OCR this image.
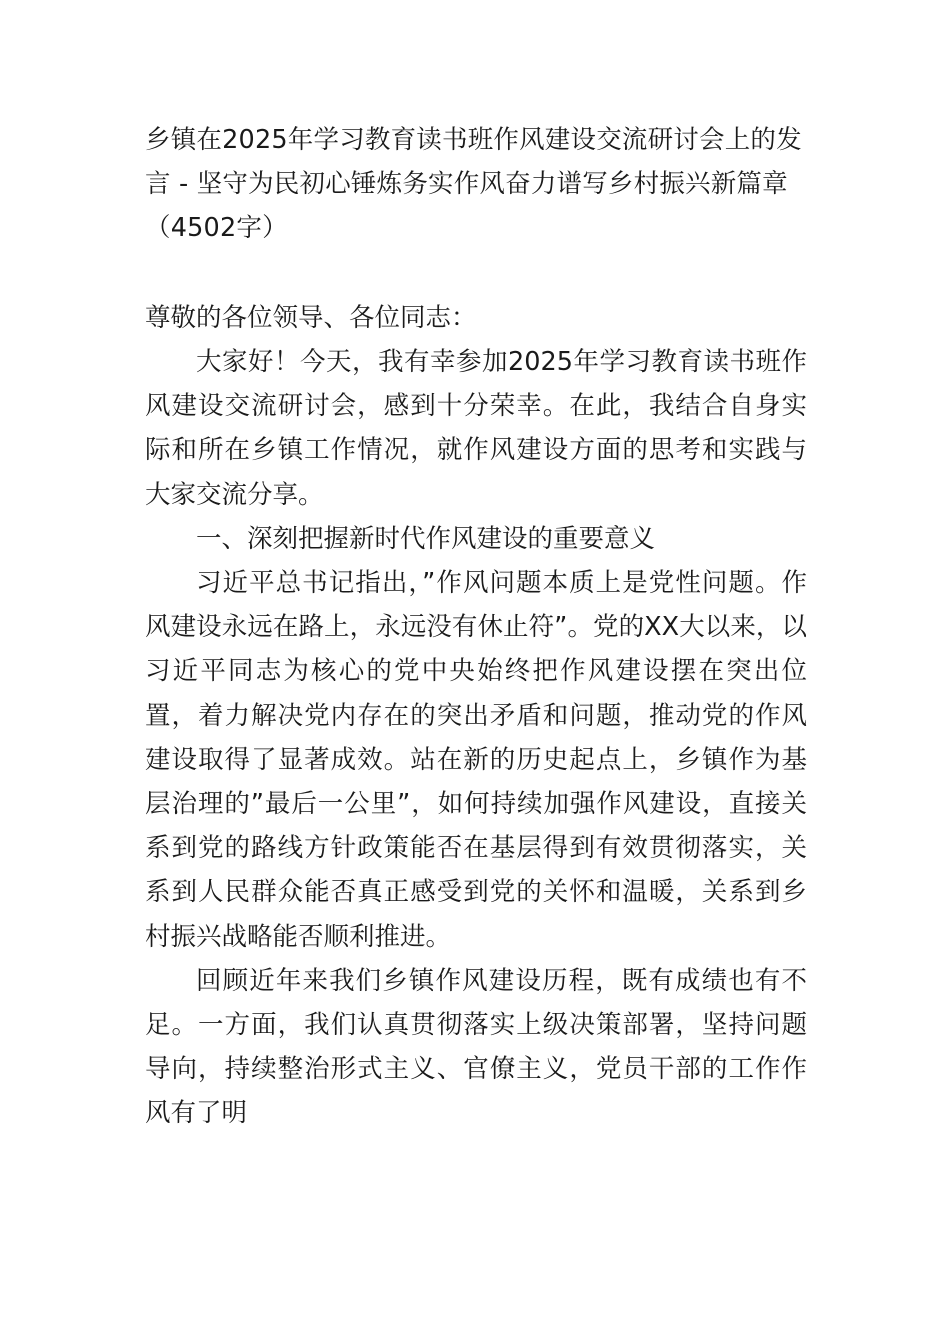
乡镇在2025年学习教育读书班作风建设交流研讨会上的发言 - 坚守为民初心锤炼务实作风奋力谱写乡村振兴新篇章（4502字）

尊敬的各位领导、各位同志：

大家好！今天，我有幸参加2025年学习教育读书班作风建设交流研讨会，感到十分荣幸。在此，我结合自身实际和所在乡镇工作情况，就作风建设方面的思考和实践与大家交流分享。

一、深刻把握新时代作风建设的重要意义

习近平总书记指出，”作风问题本质上是党性问题。作风建设永远在路上，永远没有休止符”。党的XX大以来，以习近平同志为核心的党中央始终把作风建设摆在突出位置，着力解决党内存在的突出矛盾和问题，推动党的作风建设取得了显著成效。站在新的历史起点上，乡镇作为基层治理的”最后一公里”，如何持续加强作风建设，直接关系到党的路线方针政策能否在基层得到有效贯彻落实，关系到人民群众能否真正感受到党的关怀和温暖，关系到乡村振兴战略能否顺利推进。

回顾近年来我们乡镇作风建设历程，既有成绩也有不足。一方面，我们认真贯彻落实上级决策部署，坚持问题导向，持续整治形式主义、官僚主义，党员干部的工作作风有了明
